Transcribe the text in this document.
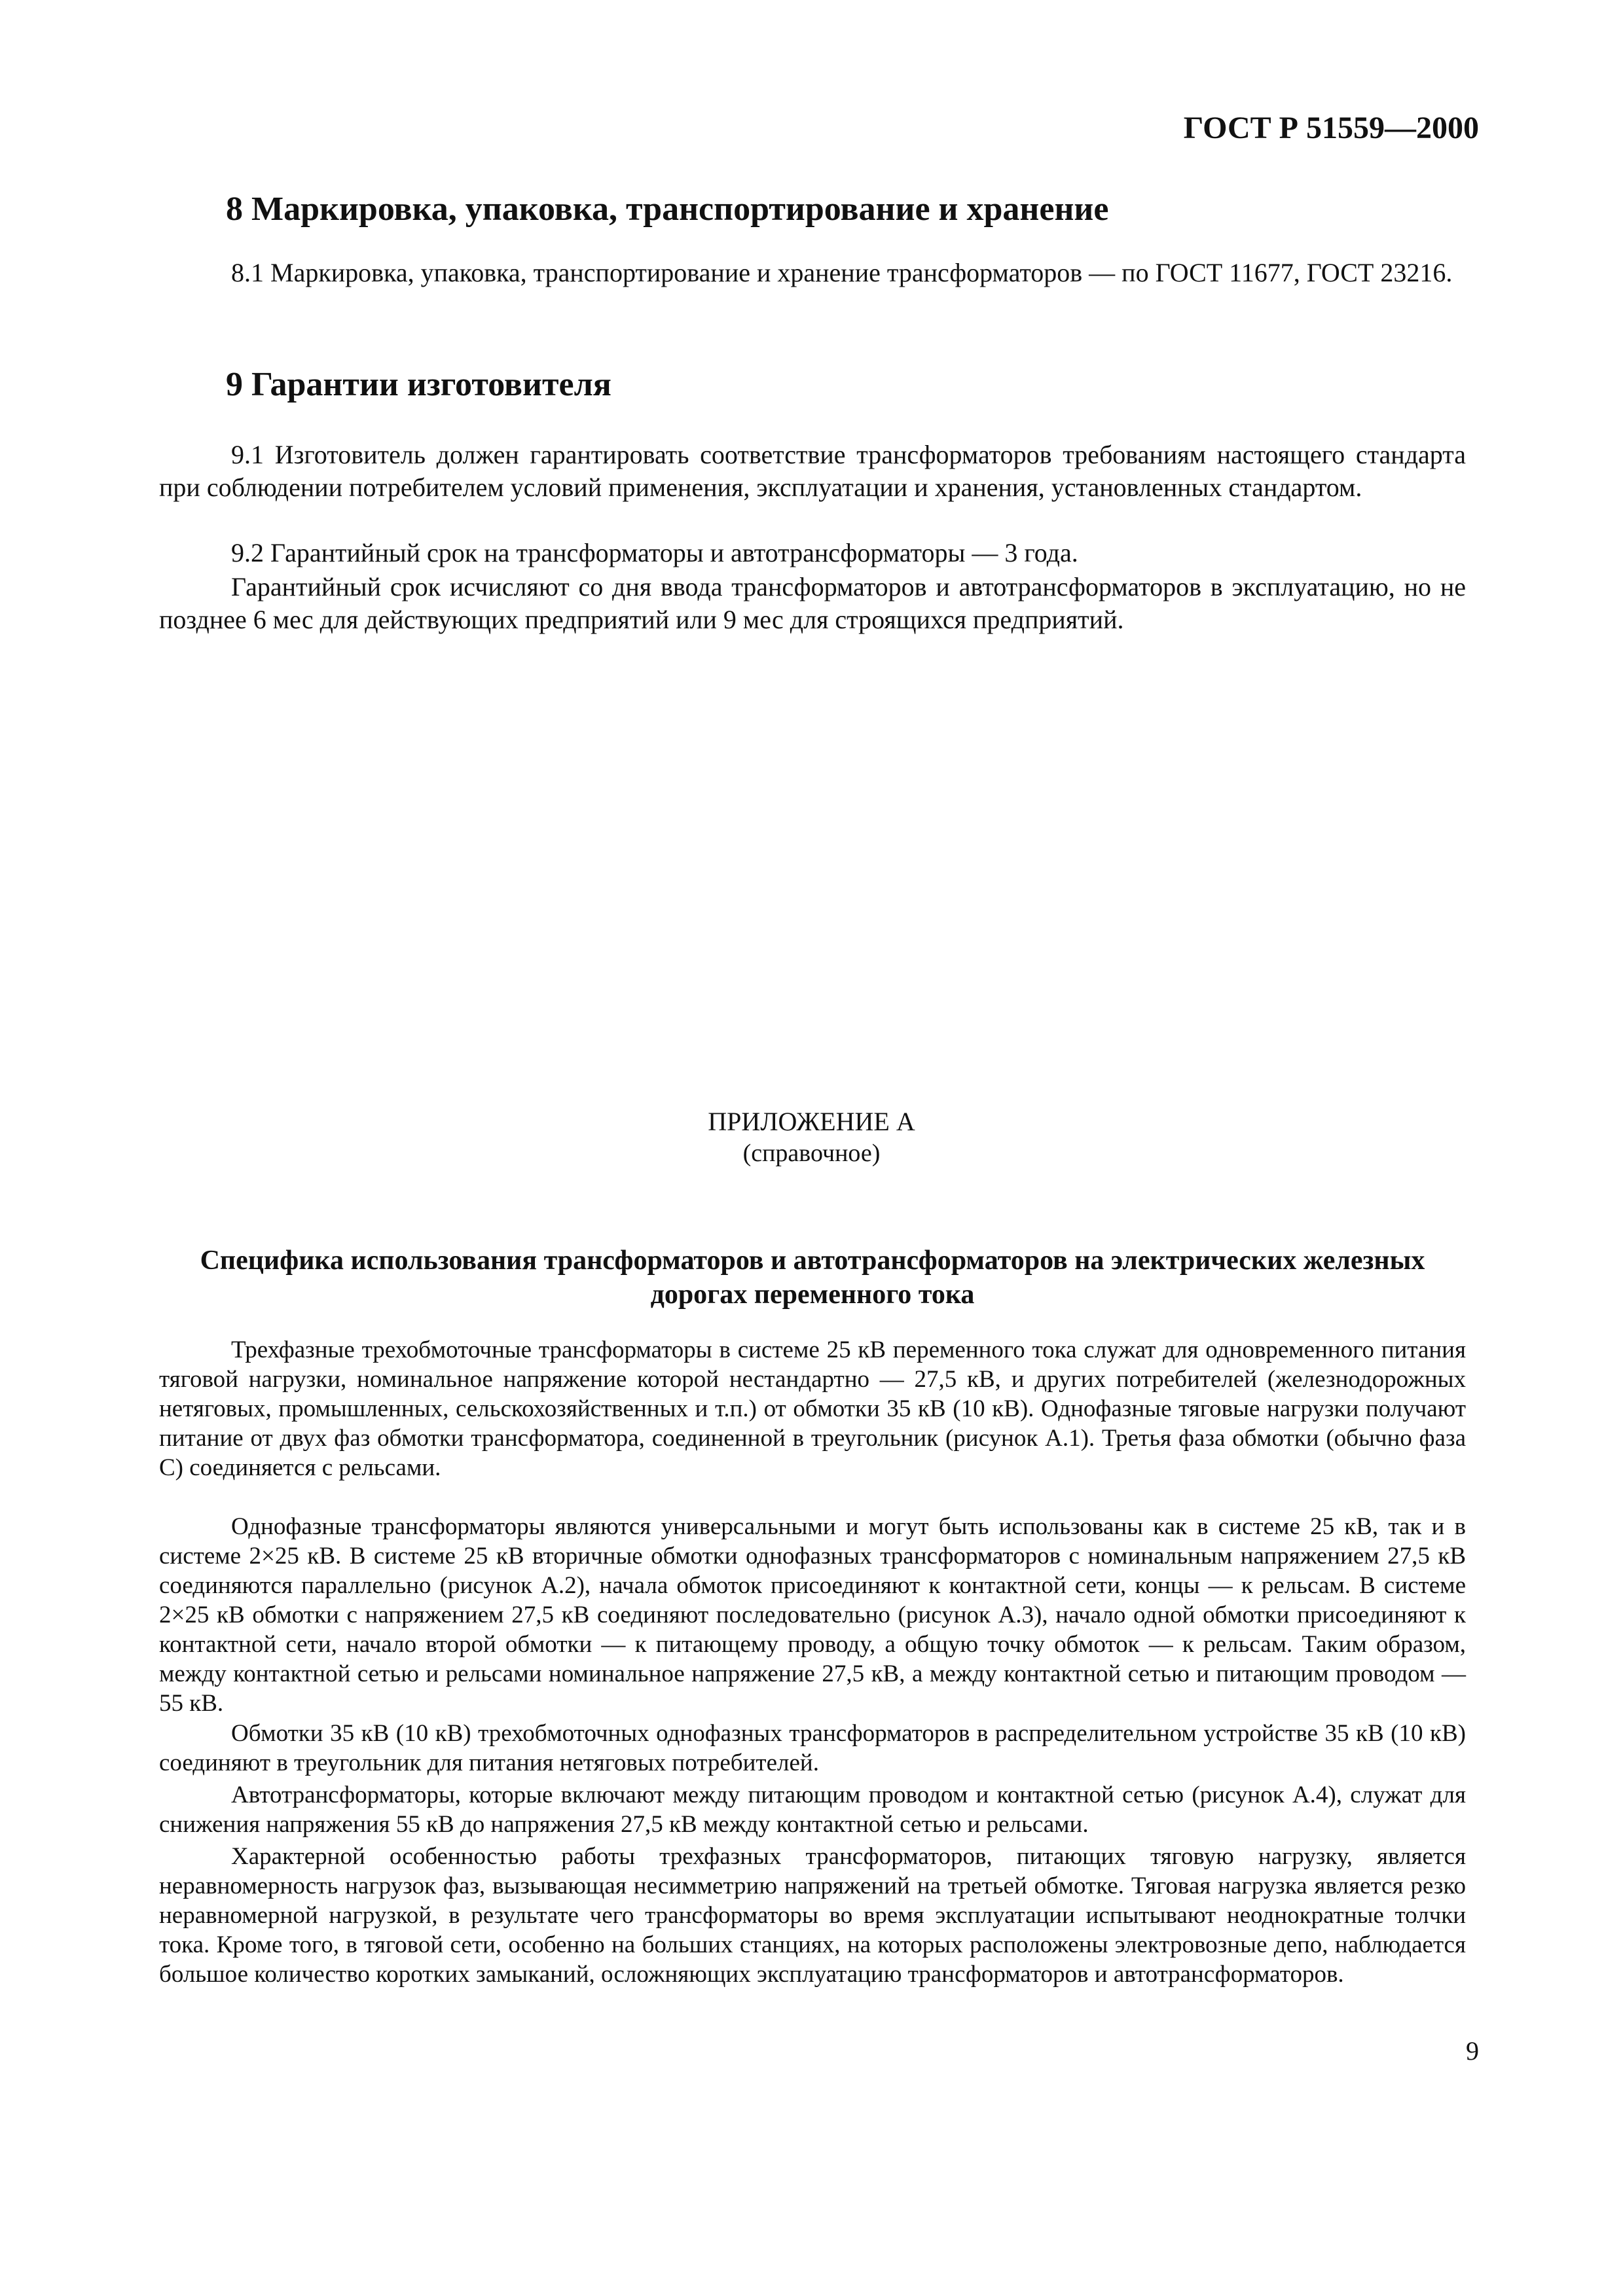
ГОСТ Р 51559—2000
8 Маркировка, упаковка, транспортирование и хранение

8.1 Маркировка, упаковка, транспортирование и хранение трансформаторов — по ГОСТ 11677, ГОСТ 23216.

9 Гарантии изготовителя

9.1 Изготовитель должен гарантировать соответствие трансформаторов требованиям настоящего стандарта при соблюдении потребителем условий применения, эксплуатации и хранения, установленных стандартом.

9.2 Гарантийный срок на трансформаторы и автотрансформаторы — 3 года.

Гарантийный срок исчисляют со дня ввода трансформаторов и автотрансформаторов в эксплуатацию, но не позднее 6 мес для действующих предприятий или 9 мес для строящихся предприятий.

ПРИЛОЖЕНИЕ А

(справочное)

Специфика использования трансформаторов и автотрансформаторов на электрических железных дорогах переменного тока

Трехфазные трехобмоточные трансформаторы в системе 25 кВ переменного тока служат для одновременного питания тяговой нагрузки, номинальное напряжение которой нестандартно — 27,5 кВ, и других потребителей (железнодорожных нетяговых, промышленных, сельскохозяйственных и т.п.) от обмотки 35 кВ (10 кВ). Однофазные тяговые нагрузки получают питание от двух фаз обмотки трансформатора, соединенной в треугольник (рисунок А.1). Третья фаза обмотки (обычно фаза С) соединяется с рельсами.

Однофазные трансформаторы являются универсальными и могут быть использованы как в системе 25 кВ, так и в системе 2×25 кВ. В системе 25 кВ вторичные обмотки однофазных трансформаторов с номинальным напряжением 27,5 кВ соединяются параллельно (рисунок А.2), начала обмоток присоединяют к контактной сети, концы — к рельсам. В системе 2×25 кВ обмотки с напряжением 27,5 кВ соединяют последовательно (рисунок А.3), начало одной обмотки присоединяют к контактной сети, начало второй обмотки — к питающему проводу, а общую точку обмоток — к рельсам. Таким образом, между контактной сетью и рельсами номинальное напряжение 27,5 кВ, а между контактной сетью и питающим проводом — 55 кВ.

Обмотки 35 кВ (10 кВ) трехобмоточных однофазных трансформаторов в распределительном устройстве 35 кВ (10 кВ) соединяют в треугольник для питания нетяговых потребителей.

Автотрансформаторы, которые включают между питающим проводом и контактной сетью (рисунок А.4), служат для снижения напряжения 55 кВ до напряжения 27,5 кВ между контактной сетью и рельсами.

Характерной особенностью работы трехфазных трансформаторов, питающих тяговую нагрузку, является неравномерность нагрузок фаз, вызывающая несимметрию напряжений на третьей обмотке. Тяговая нагрузка является резко неравномерной нагрузкой, в результате чего трансформаторы во время эксплуатации испытывают неоднократные толчки тока. Кроме того, в тяговой сети, особенно на больших станциях, на которых расположены электровозные депо, наблюдается большое количество коротких замыканий, осложняющих эксплуатацию трансформаторов и автотрансформаторов.

9
